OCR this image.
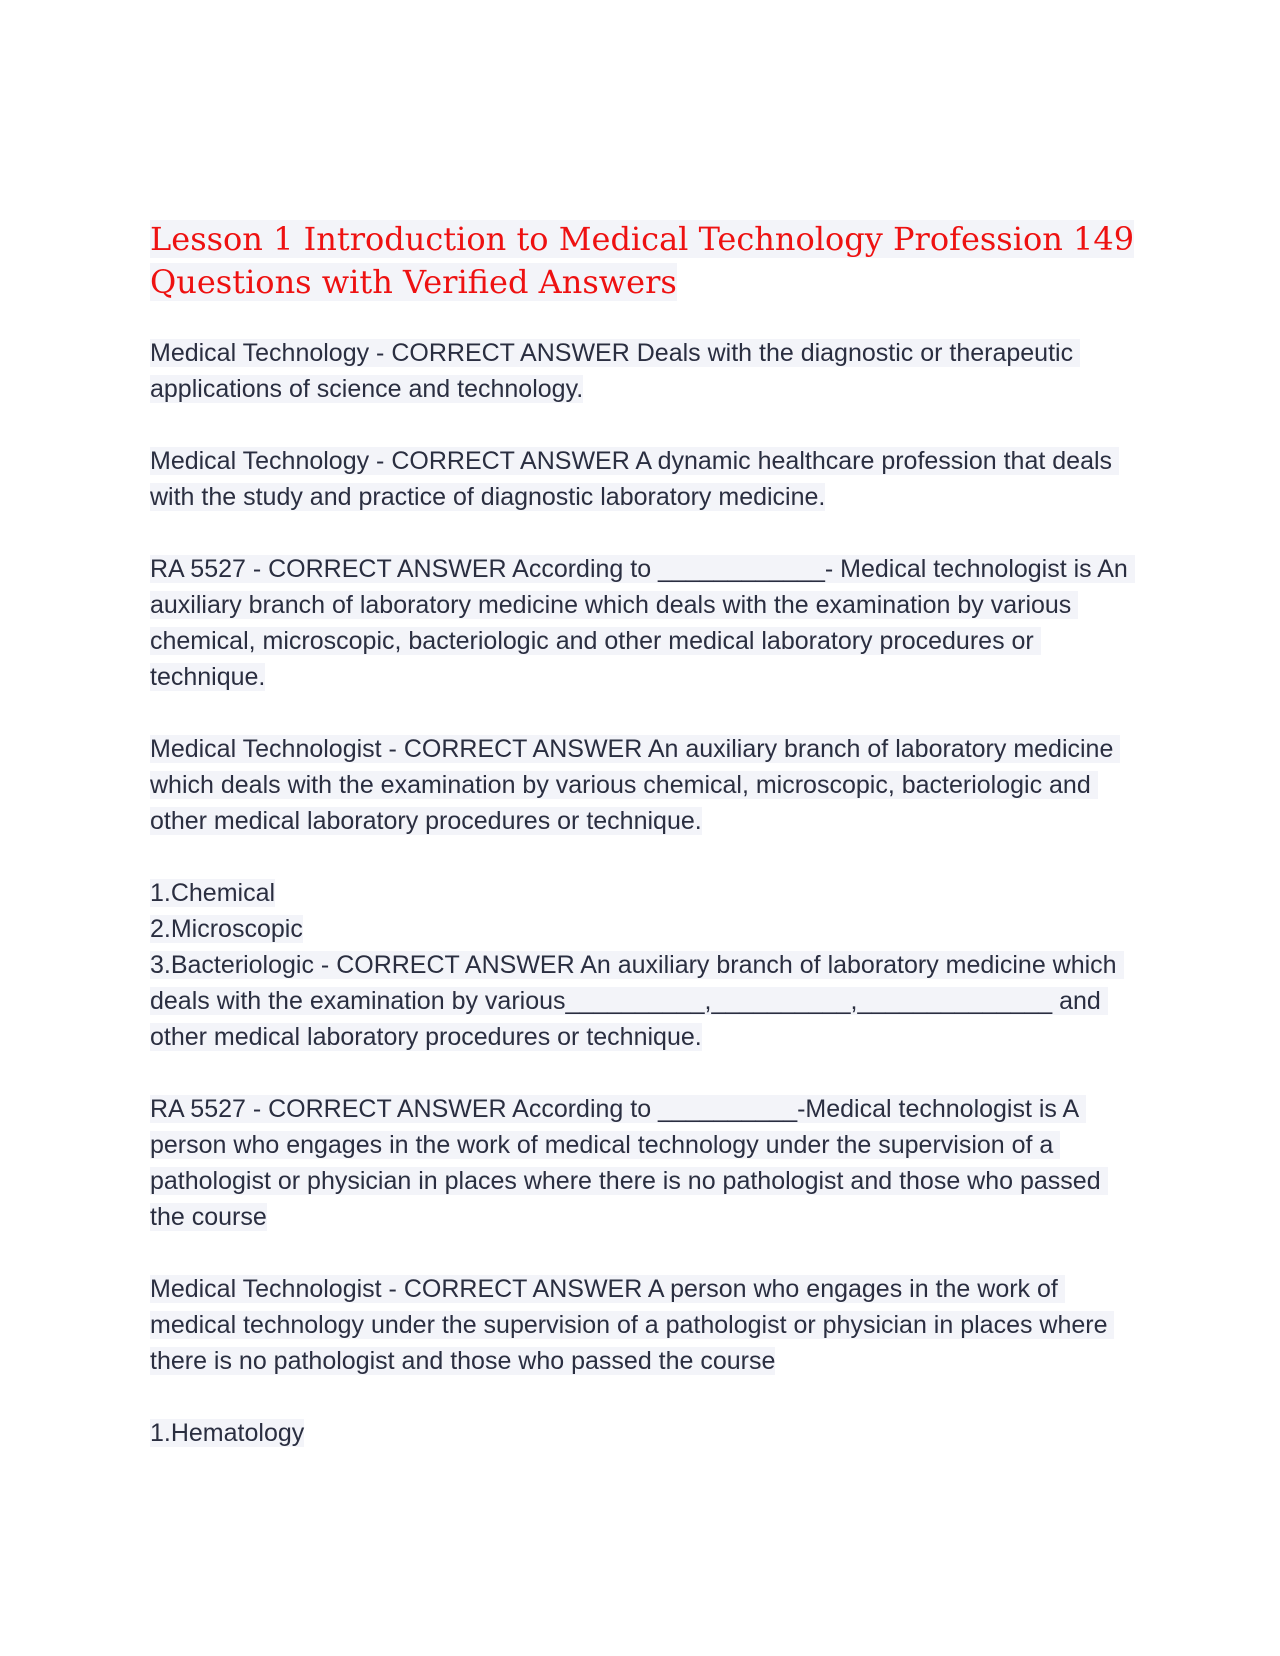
Lesson 1 Introduction to Medical Technology Profession 149 Questions with Verified Answers
Medical Technology - CORRECT ANSWER Deals with the diagnostic or therapeutic applications of science and technology.
Medical Technology - CORRECT ANSWER A dynamic healthcare profession that deals with the study and practice of diagnostic laboratory medicine.
RA 5527 - CORRECT ANSWER According to ____________- Medical technologist is An auxiliary branch of laboratory medicine which deals with the examination by various chemical, microscopic, bacteriologic and other medical laboratory procedures or technique.
Medical Technologist - CORRECT ANSWER An auxiliary branch of laboratory medicine which deals with the examination by various chemical, microscopic, bacteriologic and other medical laboratory procedures or technique.
1.Chemical
2.Microscopic
3.Bacteriologic - CORRECT ANSWER An auxiliary branch of laboratory medicine which deals with the examination by various__________,__________,______________ and other medical laboratory procedures or technique.
RA 5527 - CORRECT ANSWER According to __________-Medical technologist is A person who engages in the work of medical technology under the supervision of a pathologist or physician in places where there is no pathologist and those who passed the course
Medical Technologist - CORRECT ANSWER A person who engages in the work of medical technology under the supervision of a pathologist or physician in places where there is no pathologist and those who passed the course
1.Hematology
